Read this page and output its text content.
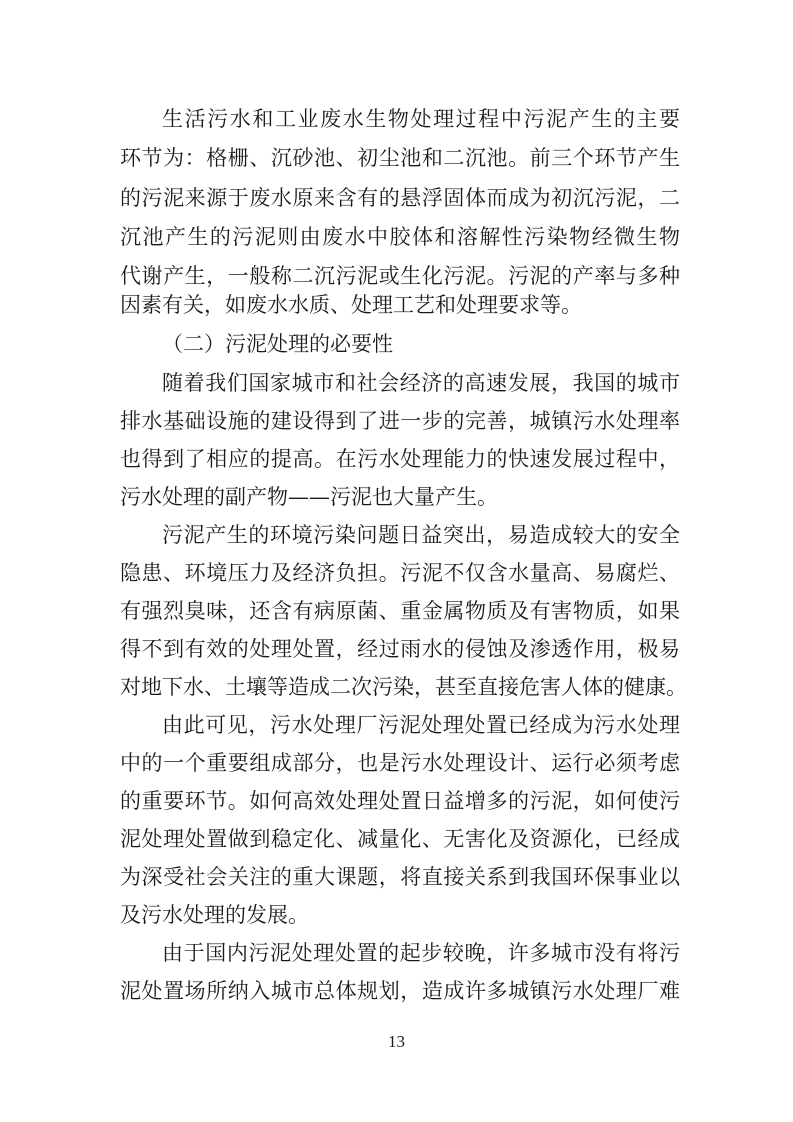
生活污水和工业废水生物处理过程中污泥产生的主要
环节为：格栅、沉砂池、初尘池和二沉池。前三个环节产生
的污泥来源于废水原来含有的悬浮固体而成为初沉污泥，二
沉池产生的污泥则由废水中胶体和溶解性污染物经微生物
代谢产生，一般称二沉污泥或生化污泥。污泥的产率与多种
因素有关，如废水水质、处理工艺和处理要求等。
（二）污泥处理的必要性
随着我们国家城市和社会经济的高速发展，我国的城市
排水基础设施的建设得到了进一步的完善，城镇污水处理率
也得到了相应的提高。在污水处理能力的快速发展过程中，
污水处理的副产物——污泥也大量产生。
污泥产生的环境污染问题日益突出，易造成较大的安全
隐患、环境压力及经济负担。污泥不仅含水量高、易腐烂、
有强烈臭味，还含有病原菌、重金属物质及有害物质，如果
得不到有效的处理处置，经过雨水的侵蚀及渗透作用，极易
对地下水、土壤等造成二次污染，甚至直接危害人体的健康。
由此可见，污水处理厂污泥处理处置已经成为污水处理
中的一个重要组成部分，也是污水处理设计、运行必须考虑
的重要环节。如何高效处理处置日益增多的污泥，如何使污
泥处理处置做到稳定化、减量化、无害化及资源化，已经成
为深受社会关注的重大课题，将直接关系到我国环保事业以
及污水处理的发展。
由于国内污泥处理处置的起步较晚，许多城市没有将污
泥处置场所纳入城市总体规划，造成许多城镇污水处理厂难
13
